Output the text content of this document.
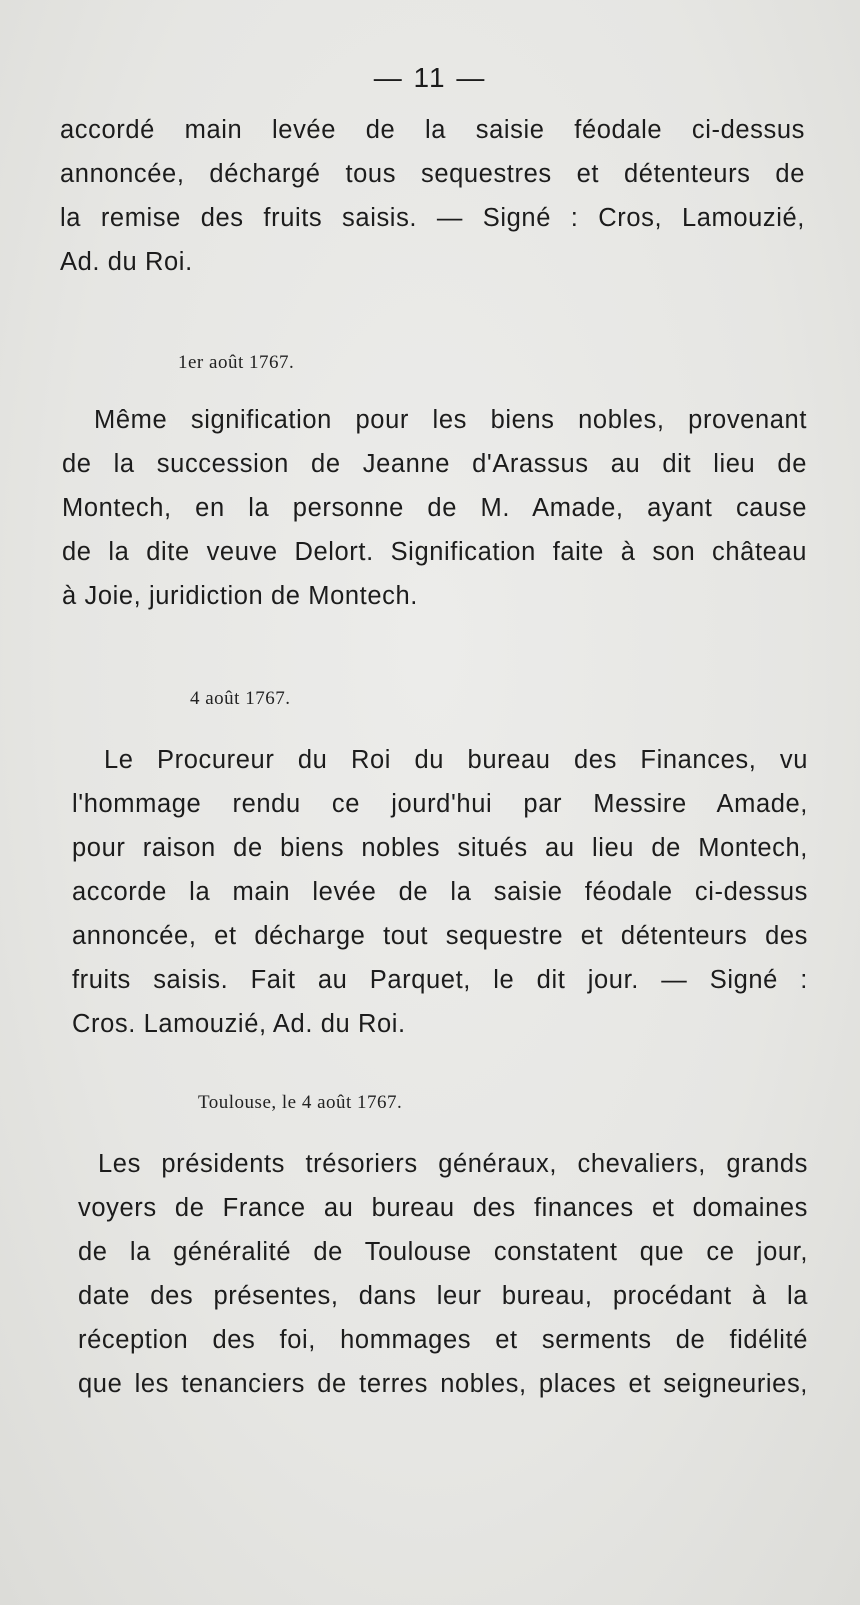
— 11 —

accordé main levée de la saisie féodale ci-dessus
annoncée, déchargé tous sequestres et détenteurs de
la remise des fruits saisis. — Signé : Cros, Lamouzié,
Ad. du Roi.

1er août 1767.

Même signification pour les biens nobles, provenant
de la succession de Jeanne d'Arassus au dit lieu de
Montech, en la personne de M. Amade, ayant cause
de la dite veuve Delort. Signification faite à son château
à Joie, juridiction de Montech.

4 août 1767.

Le Procureur du Roi du bureau des Finances, vu
l'hommage rendu ce jourd'hui par Messire Amade,
pour raison de biens nobles situés au lieu de Montech,
accorde la main levée de la saisie féodale ci-dessus
annoncée, et décharge tout sequestre et détenteurs des
fruits saisis. Fait au Parquet, le dit jour. — Signé :
Cros. Lamouzié, Ad. du Roi.

Toulouse, le 4 août 1767.

Les présidents trésoriers généraux, chevaliers, grands
voyers de France au bureau des finances et domaines
de la généralité de Toulouse constatent que ce jour,
date des présentes, dans leur bureau, procédant à la
réception des foi, hommages et serments de fidélité
que les tenanciers de terres nobles, places et seigneuries,
